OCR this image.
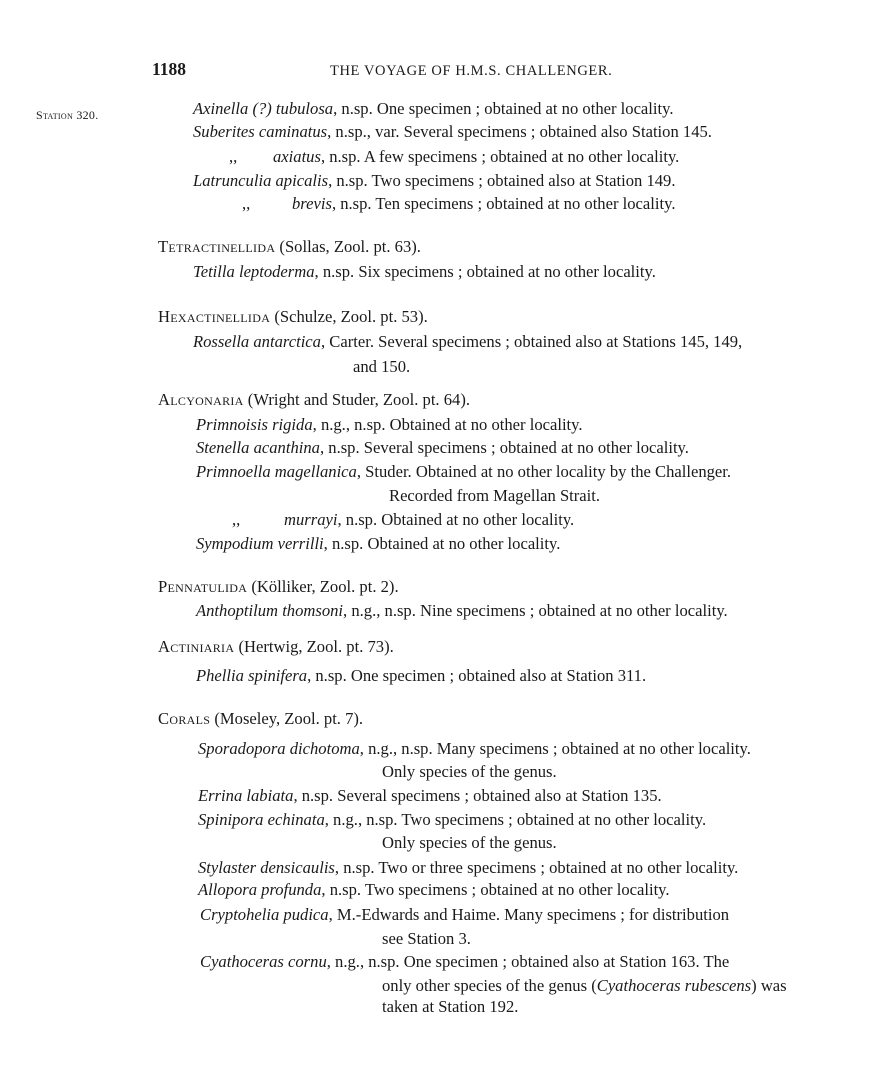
1188	THE VOYAGE OF H.M.S. CHALLENGER.
Station 320.	Axinella (?) tubulosa, n.sp. One specimen ; obtained at no other locality.
Suberites caminatus, n.sp., var. Several specimens ; obtained also Station 145.
,, axiatus, n.sp. A few specimens ; obtained at no other locality.
Latrunculia apicalis, n.sp. Two specimens ; obtained also at Station 149.
,,	brevis, n.sp. Ten specimens ; obtained at no other locality.
Tetractinellida (Sollas, Zool. pt. 63).
Tetilla leptoderma, n.sp. Six specimens ; obtained at no other locality.
Hexactinellida (Schulze, Zool. pt. 53).
Rossella antarctica, Carter. Several specimens ; obtained also at Stations 145, 149,
and 150.
Alcyonaria (Wright and Studer, Zool. pt. 64).
Primnoisis rigida, n.g., n.sp. Obtained at no other locality.
Stenella acanthina, n.sp. Several specimens ; obtained at no other locality.
Primnoella magellanica, Studer. Obtained at no other locality by the Challenger.
Recorded from Magellan Strait.
,,	murrayi, n.sp. Obtained at no other locality.
Sympodium verrilli, n.sp. Obtained at no other locality.
Pennatulida (Kölliker, Zool. pt. 2).
Anthoptilum thomsoni, n.g., n.sp. Nine specimens ; obtained at no other locality.
Actiniaria (Hertwig, Zool. pt. 73).
Phellia spinifera, n.sp. One specimen ; obtained also at Station 311.
Corals (Moseley, Zool. pt. 7).
Sporadopora dichotoma, n.g., n.sp. Many specimens ; obtained at no other locality.
Only species of the genus.
Errina labiata, n.sp. Several specimens ; obtained also at Station 135.
Spinipora echinata, n.g., n.sp. Two specimens ; obtained at no other locality.
Only species of the genus.
Stylaster densicaulis, n.sp. Two or three specimens ; obtained at no other locality.
Allopora profunda, n.sp. Two specimens ; obtained at no other locality.
Cryptohelia pudica, M.-Edwards and Haime. Many specimens ; for distribution
see Station 3.
Cyathoceras cornu, n.g., n.sp. One specimen ; obtained also at Station 163. The
only other species of the genus (Cyathoceras rubescens) was
taken at Station 192.
